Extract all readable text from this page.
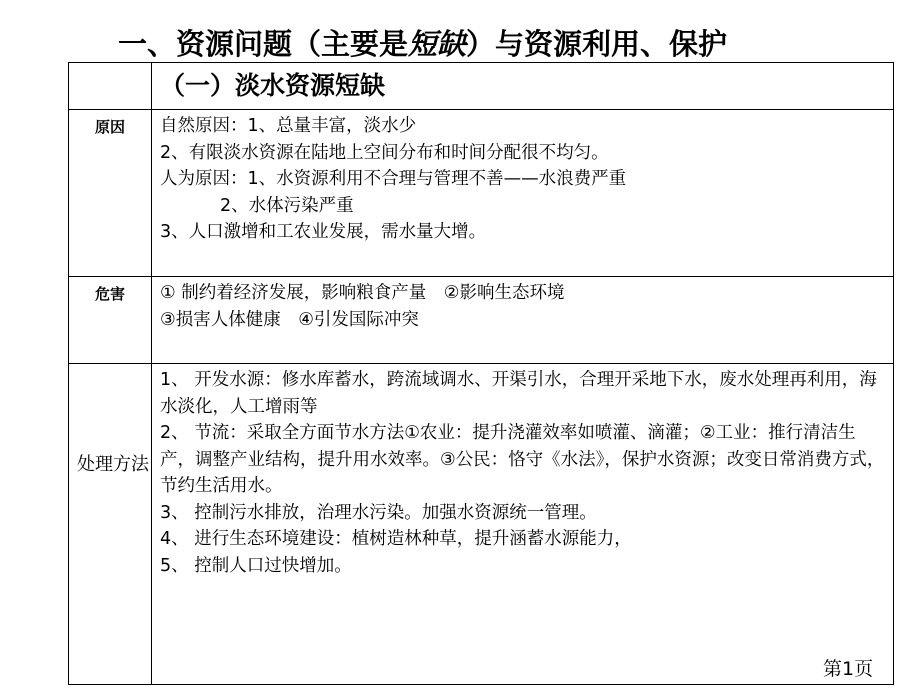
一、资源问题（主要是短缺）与资源利用、保护

	（一）淡水资源短缺

原因	自然原因：1、总量丰富，淡水少
2、有限淡水资源在陆地上空间分布和时间分配很不均匀。
人为原因：1、水资源利用不合理与管理不善——水浪费严重
2、水体污染严重
3、人口激增和工农业发展，需水量大增。

危害	① 制约着经济发展，影响粮食产量　②影响生态环境
③损害人体健康　④引发国际冲突

处理方法	1、 开发水源：修水库蓄水，跨流域调水、开渠引水，合理开采地下水，废水处理再利用，海水淡化，人工增雨等
2、 节流：采取全方面节水方法①农业：提升浇灌效率如喷灌、滴灌；②工业：推行清洁生产，调整产业结构，提升用水效率。③公民：恪守《水法》，保护水资源；改变日常消费方式，节约生活用水。
3、 控制污水排放，治理水污染。加强水资源统一管理。
4、 进行生态环境建设：植树造林种草，提升涵蓄水源能力，
5、 控制人口过快增加。
第1页
